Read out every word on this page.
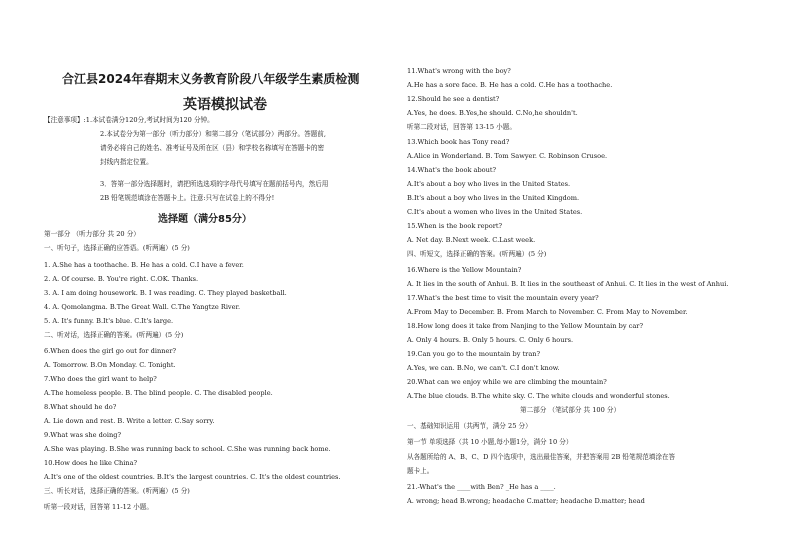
合江县2024年春期末义务教育阶段八年级学生素质检测
英语模拟试卷
【注意事项】:1.本试卷满分120分,考试时间为120 分钟。
2.本试卷分为第一部分（听力部分）和第二部分（笔试部分）两部分。答题前,
请务必将自己的姓名、准考证号及所在区（县）和学校名称填写在答题卡的密
封线内指定位置。
3．答第一部分选择题时，请把所选选项的字母代号填写在题前括号内，然后用
2B 铅笔规范填涂在答题卡上。注意:只写在试卷上的不得分!
选择题（满分85分）
第一部分 （听力部分 共 20 分）
一、听句子，选择正确的应答语。(听两遍）(5 分)
1. A.She has a toothache. B. He has a cold. C.I have a fever.
2. A. Of course. B. You're right. C.OK. Thanks.
3. A. I am doing housework. B. I was reading. C. They played basketball.
4. A. Qomolangma. B.The Great Wall. C.The Yangtze River.
5. A. It's funny. B.It's blue. C.It's large.
二、听对话，选择正确的答案。(听两遍）(5 分)
6.When does the girl go out for dinner?
A. Tomorrow. B.On Monday. C. Tonight.
7.Who does the girl want to help?
A.The homeless people. B. The blind people. C. The disabled people.
8.What should he do?
A. Lie down and rest. B. Write a letter. C.Say sorry.
9.What was she doing?
A.She was playing. B.She was running back to school. C.She was running back home.
10.How does he like China?
A.It's one of the oldest countries. B.It's the largest countries. C. It's the oldest countries.
三、听长对话，选择正确的答案。(听两遍）(5 分)
听第一段对话，回答第 11-12 小题。
11.What's wrong with the boy?
A.He has a sore face. B. He has a cold. C.He has a toothache.
12.Should he see a dentist?
A.Yes, he does. B.Yes,he should. C.No,he shouldn't.
听第二段对话，回答第 13-15 小题。
13.Which book has Tony read?
A.Alice in Wonderland. B. Tom Sawyer. C. Robinson Crusoe.
14.What's the book about?
A.It's about a boy who lives in the United States.
B.It's about a boy who lives in the United Kingdom.
C.It's about a women who lives in the United States.
15.When is the book report?
A. Net day. B.Next week. C.Last week.
四、听短文，选择正确的答案。(听两遍）(5 分)
16.Where is the Yellow Mountain?
A. It lies in the south of Anhui. B. It lies in the southeast of Anhui. C. It lies in the west of Anhui.
17.What's the best time to visit the mountain every year?
A.From May to December. B. From March to November. C. From May to November.
18.How long does it take from Nanjing to the Yellow Mountain by car?
A. Only 4 hours. B. Only 5 hours. C. Only 6 hours.
19.Can you go to the mountain by tran?
A.Yes, we can. B.No, we can't. C.I don't know.
20.What can we enjoy while we are climbing the mountain?
A.The blue clouds. B.The white sky. C. The white clouds and wonderful stones.
第二部分 （笔试部分 共 100 分）
一、基础知识运用（共两节，满分 25 分）
第一节 单项选择（共 10 小题,每小题1分，满分 10 分）
从各题所给的 A、B、C、D 四个选项中，选出最佳答案，并把答案用 2B 铅笔规范填涂在答
题卡上。
21.-What's the ____with Ben? _He has a ____.
A. wrong; head B.wrong; headache C.matter; headache D.matter; head
